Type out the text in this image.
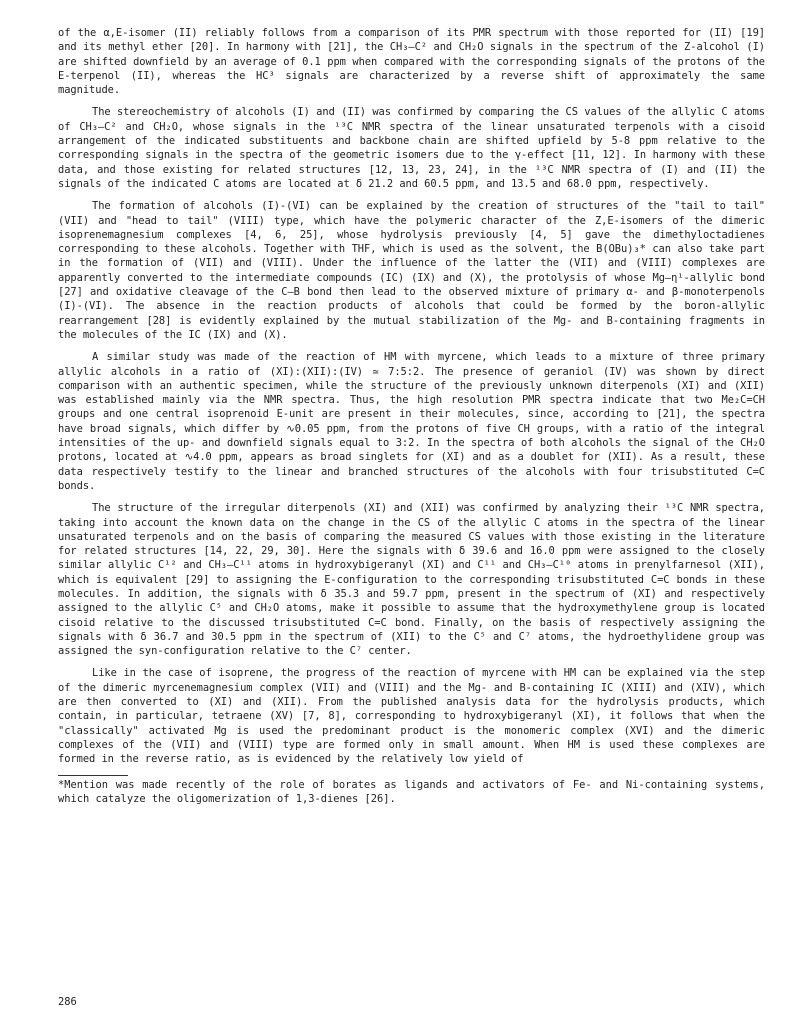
of the α,E-isomer (II) reliably follows from a comparison of its PMR spectrum with those reported for (II) [19] and its methyl ether [20]. In harmony with [21], the CH₃–C² and CH₂O signals in the spectrum of the Z-alcohol (I) are shifted downfield by an average of 0.1 ppm when compared with the corresponding signals of the protons of the E-terpenol (II), whereas the HC³ signals are characterized by a reverse shift of approximately the same magnitude.

The stereochemistry of alcohols (I) and (II) was confirmed by comparing the CS values of the allylic C atoms of CH₃–C² and CH₂O, whose signals in the ¹³C NMR spectra of the linear unsaturated terpenols with a cisoid arrangement of the indicated substituents and backbone chain are shifted upfield by 5-8 ppm relative to the corresponding signals in the spectra of the geometric isomers due to the γ-effect [11, 12]. In harmony with these data, and those existing for related structures [12, 13, 23, 24], in the ¹³C NMR spectra of (I) and (II) the signals of the indicated C atoms are located at δ 21.2 and 60.5 ppm, and 13.5 and 68.0 ppm, respectively.

The formation of alcohols (I)-(VI) can be explained by the creation of structures of the "tail to tail" (VII) and "head to tail" (VIII) type, which have the polymeric character of the Z,E-isomers of the dimeric isoprenemagnesium complexes [4, 6, 25], whose hydrolysis previously [4, 5] gave the dimethyloctadienes corresponding to these alcohols. Together with THF, which is used as the solvent, the B(OBu)₃* can also take part in the formation of (VII) and (VIII). Under the influence of the latter the (VII) and (VIII) complexes are apparently converted to the intermediate compounds (IC) (IX) and (X), the protolysis of whose Mg–η¹-allylic bond [27] and oxidative cleavage of the C–B bond then lead to the observed mixture of primary α- and β-monoterpenols (I)-(VI). The absence in the reaction products of alcohols that could be formed by the boron-allylic rearrangement [28] is evidently explained by the mutual stabilization of the Mg- and B-containing fragments in the molecules of the IC (IX) and (X).

A similar study was made of the reaction of HM with myrcene, which leads to a mixture of three primary allylic alcohols in a ratio of (XI):(XII):(IV) ≃ 7:5:2. The presence of geraniol (IV) was shown by direct comparison with an authentic specimen, while the structure of the previously unknown diterpenols (XI) and (XII) was established mainly via the NMR spectra. Thus, the high resolution PMR spectra indicate that two Me₂C=CH groups and one central isoprenoid E-unit are present in their molecules, since, according to [21], the spectra have broad signals, which differ by ∿0.05 ppm, from the protons of five CH groups, with a ratio of the integral intensities of the up- and downfield signals equal to 3:2. In the spectra of both alcohols the signal of the CH₂O protons, located at ∿4.0 ppm, appears as broad singlets for (XI) and as a doublet for (XII). As a result, these data respectively testify to the linear and branched structures of the alcohols with four trisubstituted C=C bonds.

The structure of the irregular diterpenols (XI) and (XII) was confirmed by analyzing their ¹³C NMR spectra, taking into account the known data on the change in the CS of the allylic C atoms in the spectra of the linear unsaturated terpenols and on the basis of comparing the measured CS values with those existing in the literature for related structures [14, 22, 29, 30]. Here the signals with δ 39.6 and 16.0 ppm were assigned to the closely similar allylic C¹² and CH₃–C¹¹ atoms in hydroxybigeranyl (XI) and C¹¹ and CH₃–C¹⁰ atoms in prenylfarnesol (XII), which is equivalent [29] to assigning the E-configuration to the corresponding trisubstituted C=C bonds in these molecules. In addition, the signals with δ 35.3 and 59.7 ppm, present in the spectrum of (XI) and respectively assigned to the allylic C⁵ and CH₂O atoms, make it possible to assume that the hydroxymethylene group is located cisoid relative to the discussed trisubstituted C=C bond. Finally, on the basis of respectively assigning the signals with δ 36.7 and 30.5 ppm in the spectrum of (XII) to the C⁵ and C⁷ atoms, the hydroethylidene group was assigned the syn-configuration relative to the C⁷ center.

Like in the case of isoprene, the progress of the reaction of myrcene with HM can be explained via the step of the dimeric myrcenemagnesium complex (VII) and (VIII) and the Mg- and B-containing IC (XIII) and (XIV), which are then converted to (XI) and (XII). From the published analysis data for the hydrolysis products, which contain, in particular, tetraene (XV) [7, 8], corresponding to hydroxybigeranyl (XI), it follows that when the "classically" activated Mg is used the predominant product is the monomeric complex (XVI) and the dimeric complexes of the (VII) and (VIII) type are formed only in small amount. When HM is used these complexes are formed in the reverse ratio, as is evidenced by the relatively low yield of

*Mention was made recently of the role of borates as ligands and activators of Fe- and Ni-containing systems, which catalyze the oligomerization of 1,3-dienes [26].

286
